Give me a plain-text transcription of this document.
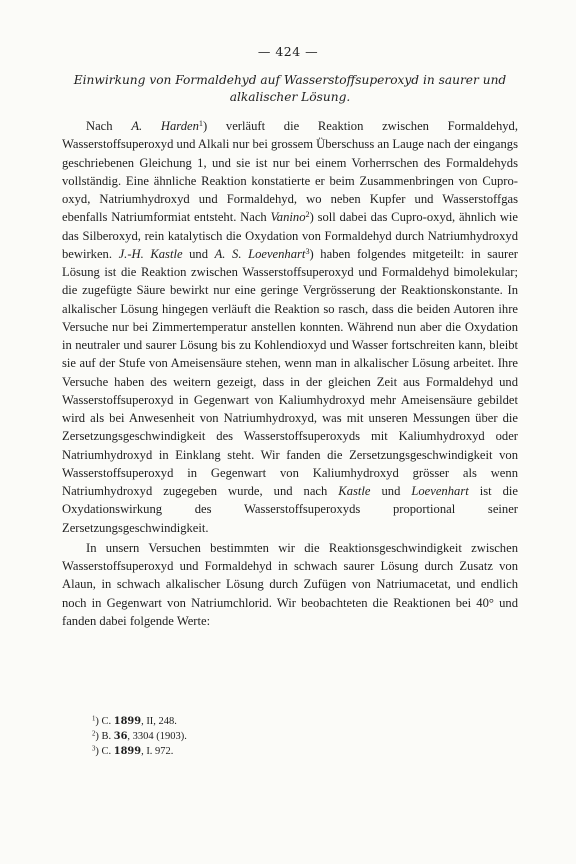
— 424 —
Einwirkung von Formaldehyd auf Wasserstoffsuperoxyd in saurer und
alkalischer Lösung.

Nach A. Harden$^1$) verläuft die Reaktion zwischen Formaldehyd, Wasserstoffsuperoxyd und Alkali nur bei grossem Überschuss an Lauge nach der eingangs geschriebenen Gleichung 1, und sie ist nur bei einem Vorherrschen des Formaldehyds vollständig. Eine ähnliche Reaktion konstatierte er beim Zusammenbringen von Cupro-oxyd, Natriumhydroxyd und Formaldehyd, wo neben Kupfer und Wasserstoffgas ebenfalls Natriumformiat entsteht. Nach Vanino$^2$) soll dabei das Cupro-oxyd, ähnlich wie das Silberoxyd, rein katalytisch die Oxydation von Formaldehyd durch Natriumhydroxyd bewirken. J.-H. Kastle und A. S. Loevenhart$^3$) haben folgendes mitgeteilt: in saurer Lösung ist die Reaktion zwischen Wasserstoffsuperoxyd und Formaldehyd bimolekular; die zugefügte Säure bewirkt nur eine geringe Vergrösserung der Reaktionskonstante. In alkalischer Lösung hingegen verläuft die Reaktion so rasch, dass die beiden Autoren ihre Versuche nur bei Zimmertemperatur anstellen konnten. Während nun aber die Oxydation in neutraler und saurer Lösung bis zu Kohlendioxyd und Wasser fortschreiten kann, bleibt sie auf der Stufe von Ameisensäure stehen, wenn man in alkalischer Lösung arbeitet. Ihre Versuche haben des weitern gezeigt, dass in der gleichen Zeit aus Formaldehyd und Wasserstoffsuperoxyd in Gegenwart von Kaliumhydroxyd mehr Ameisensäure gebildet wird als bei Anwesenheit von Natriumhydroxyd, was mit unseren Messungen über die Zersetzungsgeschwindigkeit des Wasserstoffsuperoxyds mit Kaliumhydroxyd oder Natriumhydroxyd in Einklang steht. Wir fanden die Zersetzungsgeschwindigkeit von Wasserstoffsuperoxyd in Gegenwart von Kaliumhydroxyd grösser als wenn Natriumhydroxyd zugegeben wurde, und nach Kastle und Loevenhart ist die Oxydationswirkung des Wasserstoffsuperoxyds proportional seiner Zersetzungsgeschwindigkeit.

In unsern Versuchen bestimmten wir die Reaktionsgeschwindigkeit zwischen Wasserstoffsuperoxyd und Formaldehyd in schwach saurer Lösung durch Zusatz von Alaun, in schwach alkalischer Lösung durch Zufügen von Natriumacetat, und endlich noch in Gegenwart von Natriumchlorid. Wir beobachteten die Reaktionen bei 40° und fanden dabei folgende Werte:

$^1$) C. 1899, II, 248.
$^2$) B. 36, 3304 (1903).
$^3$) C. 1899, I. 972.
